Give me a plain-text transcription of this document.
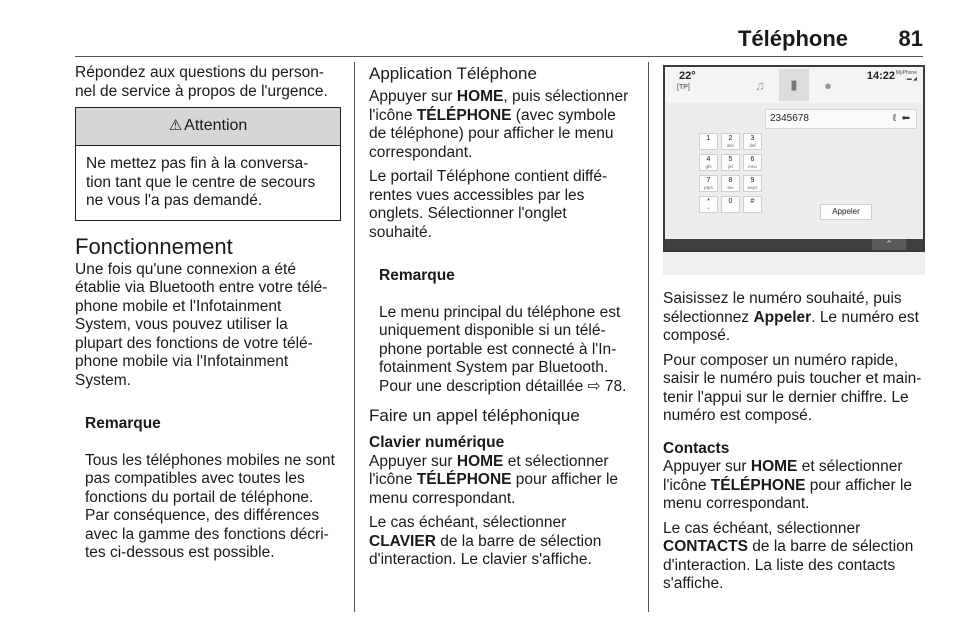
Téléphone 81

Répondez aux questions du person-
nel de service à propos de l'urgence.

⚠ Attention
Ne mettez pas fin à la conversa-
tion tant que le centre de secours
ne vous l'a pas demandé.
Fonctionnement

Une fois qu'une connexion a été
établie via Bluetooth entre votre télé-
phone mobile et l'Infotainment
System, vous pouvez utiliser la
plupart des fonctions de votre télé-
phone mobile via l'Infotainment
System.

Remarque

Tous les téléphones mobiles ne sont
pas compatibles avec toutes les
fonctions du portail de téléphone.
Par conséquence, des différences
avec la gamme des fonctions décri-
tes ci-dessous est possible.

Application Téléphone

Appuyer sur HOME, puis sélectionner
l'icône TÉLÉPHONE (avec symbole
de téléphone) pour afficher le menu
correspondant.

Le portail Téléphone contient diffé-
rentes vues accessibles par les
onglets. Sélectionner l'onglet
souhaité.

Remarque

Le menu principal du téléphone est
uniquement disponible si un télé-
phone portable est connecté à l'In-
fotainment System par Bluetooth.
Pour une description détaillée ⇨ 78.

Faire un appel téléphonique
Clavier numérique

Appuyer sur HOME et sélectionner
l'icône TÉLÉPHONE pour afficher le
menu correspondant.

Le cas échéant, sélectionner
CLAVIER de la barre de sélection
d'interaction. Le clavier s'affiche.

22°
[TP]	♫	▮	●
14:22 MyPhone
▬ ◢
2345678	ℓ ⬅
1	2
abc
3
def
4
ghi
5
jkl
6
mno
7
pqrs
8
tuv
9
wxyz
*
+
0	#
Appeler
⌃

Saisissez le numéro souhaité, puis
sélectionnez Appeler. Le numéro est
composé.

Pour composer un numéro rapide,
saisir le numéro puis toucher et main-
tenir l'appui sur le dernier chiffre. Le
numéro est composé.

Contacts

Appuyer sur HOME et sélectionner
l'icône TÉLÉPHONE pour afficher le
menu correspondant.

Le cas échéant, sélectionner
CONTACTS de la barre de sélection
d'interaction. La liste des contacts
s'affiche.
